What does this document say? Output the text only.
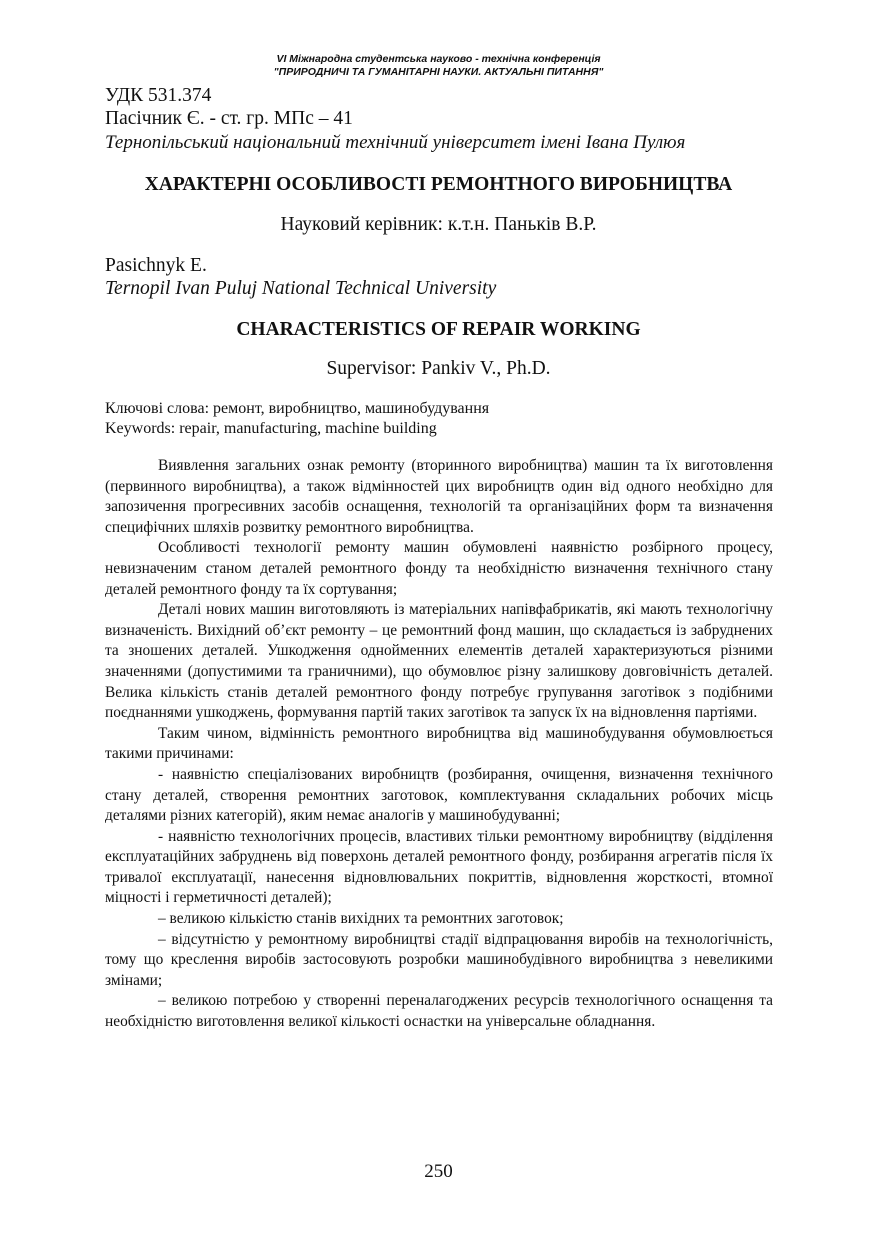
VI Міжнародна студентська науково - технічна конференція
"ПРИРОДНИЧІ ТА ГУМАНІТАРНІ НАУКИ. АКТУАЛЬНІ ПИТАННЯ"
УДК 531.374
Пасічник Є. - ст. гр. МПс – 41
Тернопільський національний технічний університет імені Івана Пулюя
ХАРАКТЕРНІ ОСОБЛИВОСТІ РЕМОНТНОГО ВИРОБНИЦТВА
Науковий керівник: к.т.н. Паньків В.Р.
Pasichnyk E.
Ternopil Ivan Puluj National Technical University
CHARACTERISTICS OF REPAIR WORKING
Supervisor: Pankiv V., Ph.D.
Ключові слова: ремонт, виробництво, машинобудування
Keywords: repair, manufacturing, machine building

Виявлення загальних ознак ремонту (вторинного виробництва) машин та їх виготовлення (первинного виробництва), а також відмінностей цих виробництв один від одного необхідно для запозичення прогресивних засобів оснащення, технологій та організаційних форм та визначення специфічних шляхів розвитку ремонтного виробництва.

Особливості технології ремонту машин обумовлені наявністю розбірного процесу, невизначеним станом деталей ремонтного фонду та необхідністю визначення технічного стану деталей ремонтного фонду та їх сортування;

Деталі нових машин виготовляють із матеріальних напівфабрикатів, які мають технологічну визначеність. Вихідний об’єкт ремонту – це ремонтний фонд машин, що складається із забруднених та зношених деталей. Ушкодження однойменних елементів деталей характеризуються різними значеннями (допустимими та граничними), що обумовлює різну залишкову довговічність деталей. Велика кількість станів деталей ремонтного фонду потребує групування заготівок з подібними поєднаннями ушкоджень, формування партій таких заготівок та запуск їх на відновлення партіями.

Таким чином, відмінність ремонтного виробництва від машинобудування обумовлюється такими причинами:

- наявністю спеціалізованих виробництв (розбирання, очищення, визначення технічного стану деталей, створення ремонтних заготовок, комплектування складальних робочих місць деталями різних категорій), яким немає аналогів у машинобудуванні;

- наявністю технологічних процесів, властивих тільки ремонтному виробництву (відділення експлуатаційних забруднень від поверхонь деталей ремонтного фонду, розбирання агрегатів після їх тривалої експлуатації, нанесення відновлювальних покриттів, відновлення жорсткості, втомної міцності і герметичності деталей);

– великою кількістю станів вихідних та ремонтних заготовок;

– відсутністю у ремонтному виробництві стадії відпрацювання виробів на технологічність, тому що креслення виробів застосовують розробки машинобудівного виробництва з невеликими змінами;

– великою потребою у створенні переналагоджених ресурсів технологічного оснащення та необхідністю виготовлення великої кількості оснастки на універсальне обладнання.

250
